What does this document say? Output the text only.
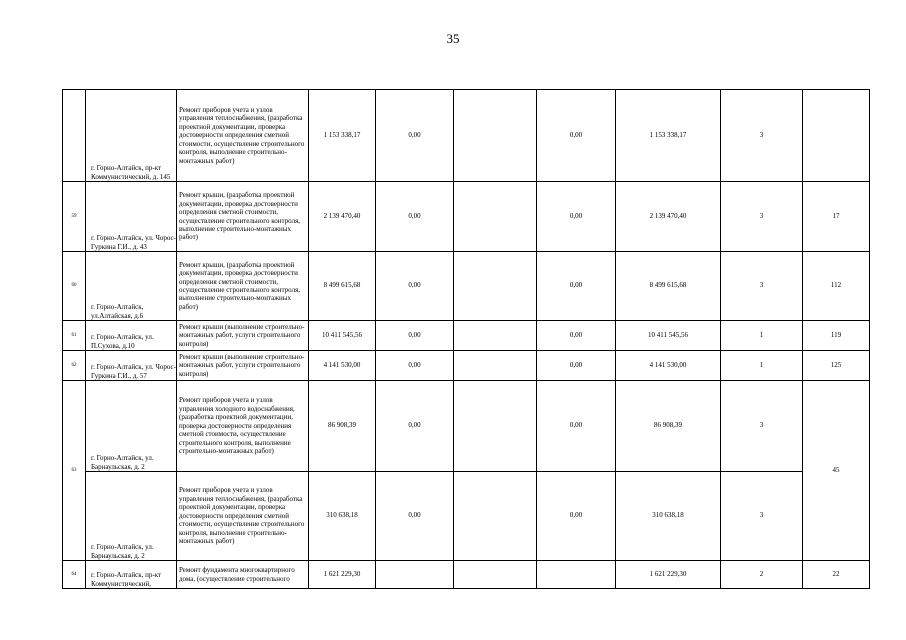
35
	г. Горно-Алтайск, пр-кт Коммунистический, д. 145	Ремонт приборов учета и узлов управления теплоснабжения, (разработка проектной документации, проверка достоверности определения сметной стоимости, осуществление строительного контроля, выполнение строительно-монтажных работ)	1 153 338,17	0,00		0,00	1 153 338,17	3	
59	г. Горно-Алтайск, ул. Чорос-Гуркина Г.И., д. 43	Ремонт крыши, (разработка проектной документации, проверка достоверности определения сметной стоимости, осуществление строительного контроля, выполнение строительно-монтажных работ)	2 139 470,40	0,00		0,00	2 139 470,40	3	17
60	г. Горно-Алтайск, ул.Алтайская, д.6	Ремонт крыши, (разработка проектной документации, проверка достоверности определения сметной стоимости, осуществление строительного контроля, выполнение строительно-монтажных работ)	8 499 615,68	0,00		0,00	8 499 615,68	3	112
61	г. Горно-Алтайск, ул. П.Сухова, д.10	Ремонт крыши (выполнение строительно-монтажных работ, услуги строительного контроля)	10 411 545,56	0,00		0,00	10 411 545,56	1	119
62	г. Горно-Алтайск, ул. Чорос-Гуркина Г.И., д. 57	Ремонт крыши (выполнение строительно-монтажных работ, услуги строительного контроля)	4 141 530,00	0,00		0,00	4 141 530,00	1	125
63	г. Горно-Алтайск, ул. Барнаульская, д. 2	Ремонт приборов учета и узлов управления холодного водоснабжения, (разработка проектной документации, проверка достоверности определения сметной стоимости, осуществление строительного контроля, выполнение строительно-монтажных работ)	86 908,39	0,00		0,00	86 908,39	3	45
	г. Горно-Алтайск, ул. Барнаульская, д. 2	Ремонт приборов учета и узлов управления теплоснабжения, (разработка проектной документации, проверка достоверности определения сметной стоимости, осуществление строительного контроля, выполнение строительно-монтажных работ)	310 638,18	0,00		0,00	310 638,18	3	
64	г. Горно-Алтайск, пр-кт Коммунистический,	Ремонт фундамента многоквартирного дома, (осуществление строительного	1 621 229,30				1 621 229,30	2	22
